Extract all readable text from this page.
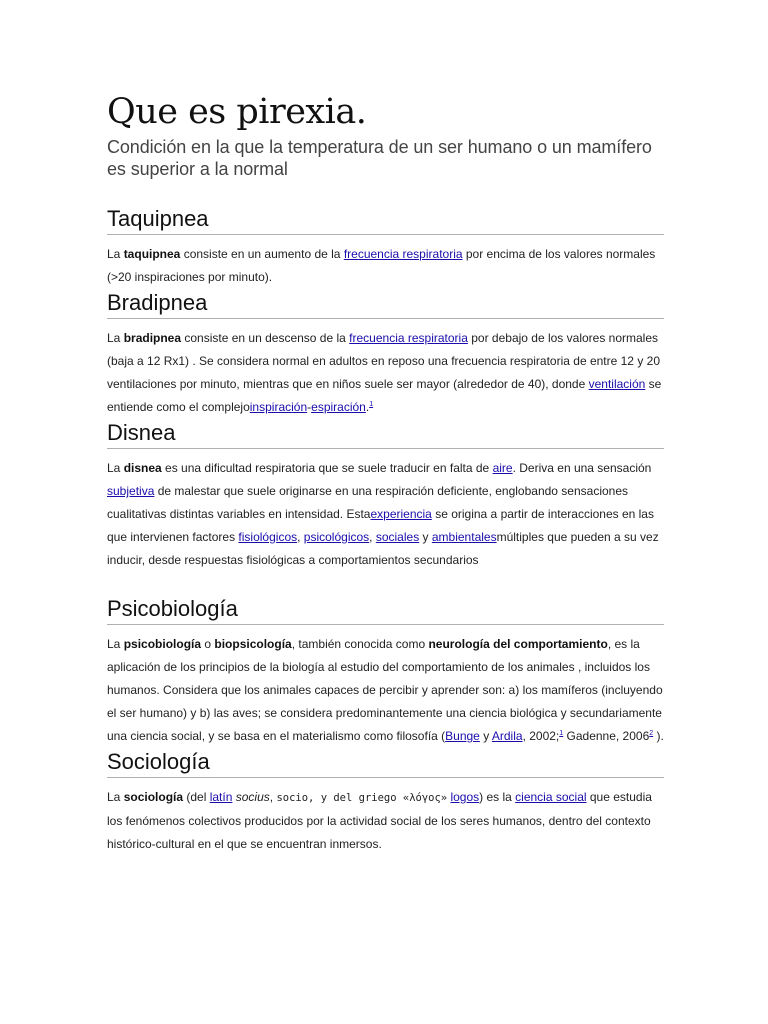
Que es pirexia.

Condición en la que la temperatura de un ser humano o un mamífero es superior a la normal

Taquipnea

La taquipnea consiste en un aumento de la frecuencia respiratoria por encima de los valores normales (>20 inspiraciones por minuto).

Bradipnea

La bradipnea consiste en un descenso de la frecuencia respiratoria por debajo de los valores normales (baja a 12 Rx1) . Se considera normal en adultos en reposo una frecuencia respiratoria de entre 12 y 20 ventilaciones por minuto, mientras que en niños suele ser mayor (alrededor de 40), donde ventilación se entiende como el complejoinspiración-espiración.$^1$

Disnea

La disnea es una dificultad respiratoria que se suele traducir en falta de aire. Deriva en una sensación subjetiva de malestar que suele originarse en una respiración deficiente, englobando sensaciones cualitativas distintas variables en intensidad. Estaexperiencia se origina a partir de interacciones en las que intervienen factores fisiológicos, psicológicos, sociales y ambientalesmúltiples que pueden a su vez inducir, desde respuestas fisiológicas a comportamientos secundarios

Psicobiología

La psicobiología o biopsicología, también conocida como neurología del comportamiento, es la aplicación de los principios de la biología al estudio del comportamiento de los animales , incluidos los humanos. Considera que los animales capaces de percibir y aprender son: a) los mamíferos (incluyendo el ser humano) y b) las aves; se considera predominantemente una ciencia biológica y secundariamente una ciencia social, y se basa en el materialismo como filosofía (Bunge y Ardila, 2002;$^1$ Gadenne, 2006$^2$ ).

Sociología

La sociología (del latín socius, socio, y del griego «λόγος» logos) es la ciencia social que estudia los fenómenos colectivos producidos por la actividad social de los seres humanos, dentro del contexto histórico-cultural en el que se encuentran inmersos.
